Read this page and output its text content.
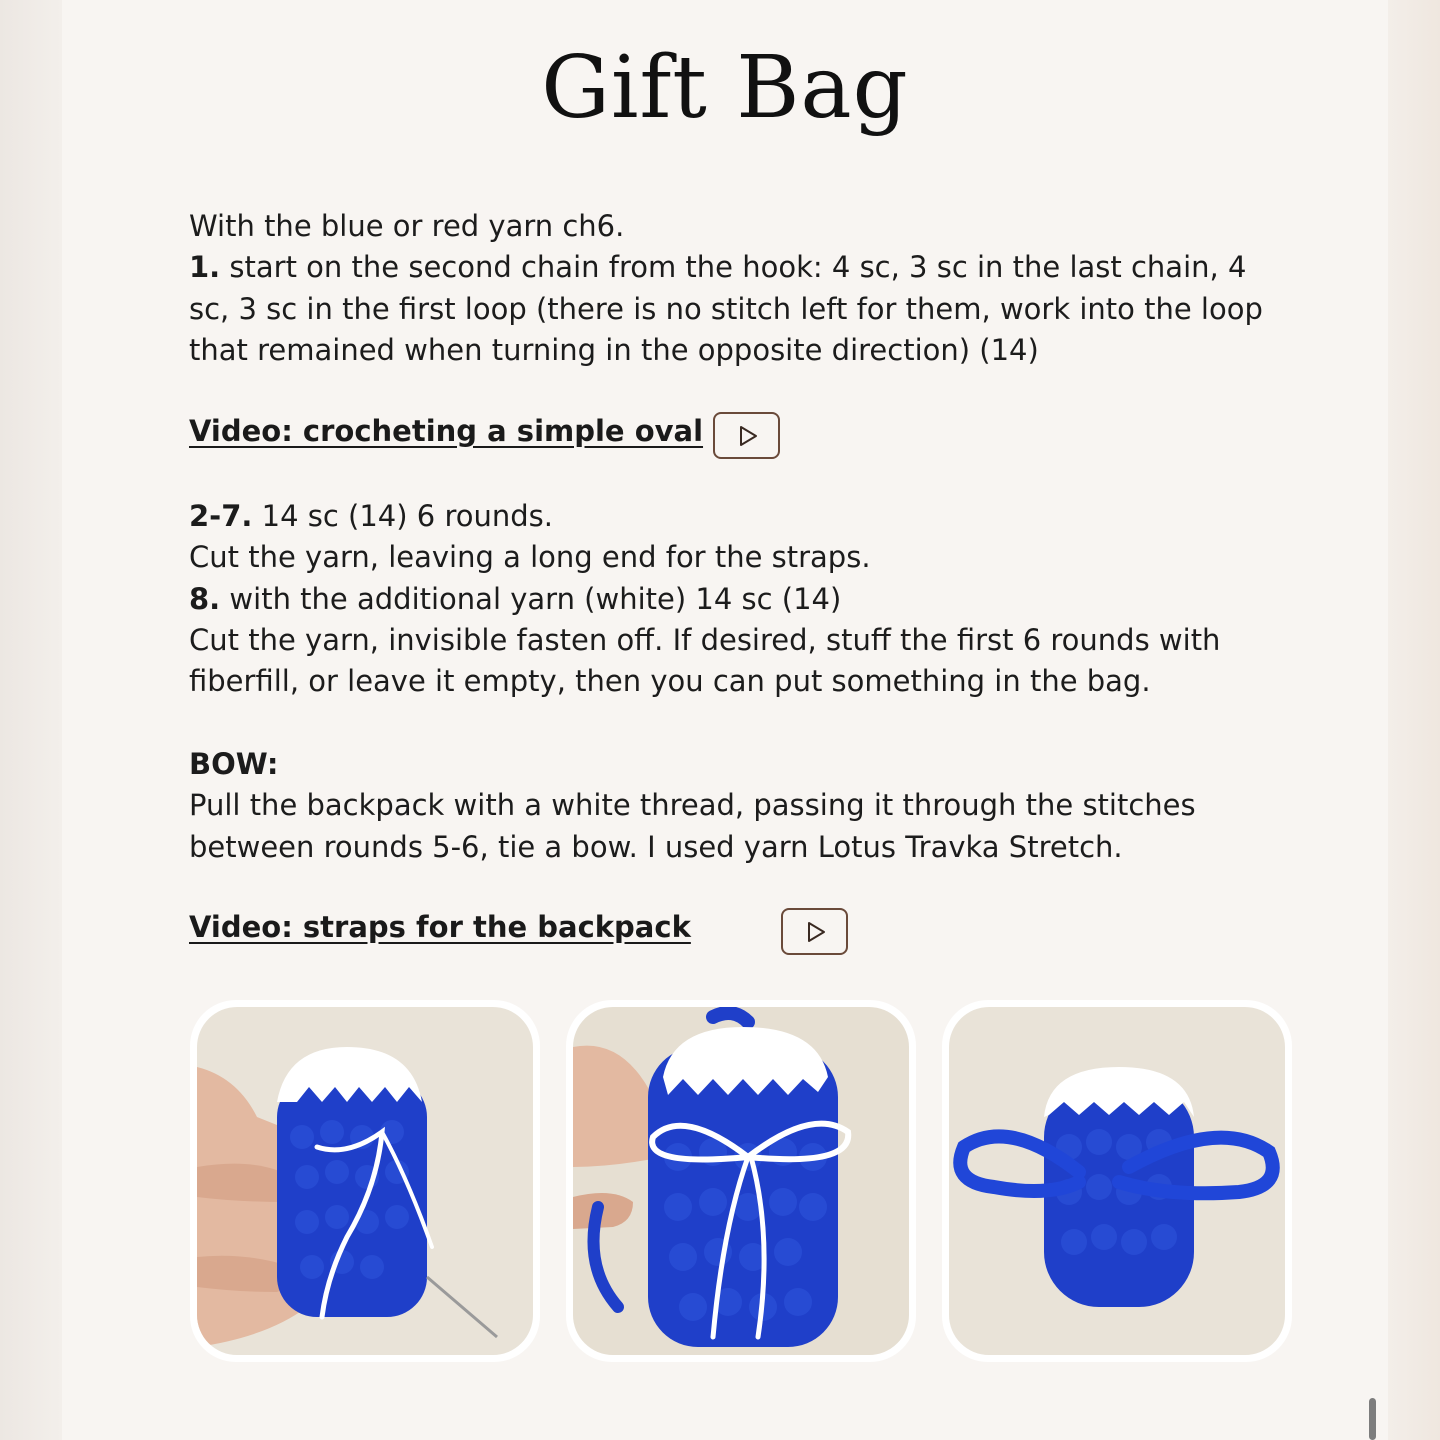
Gift Bag
With the blue or red yarn ch6.
1. start on the second chain from the hook: 4 sc, 3 sc in the last chain, 4 sc, 3 sc in the first loop (there is no stitch left for them, work into the loop that remained when turning in the opposite direction) (14)
Video: crocheting a simple oval
2-7. 14 sc (14) 6 rounds.
Cut the yarn, leaving a long end for the straps.
8. with the additional yarn (white) 14 sc (14)
Cut the yarn, invisible fasten off. If desired, stuff the first 6 rounds with fiberfill, or leave it empty, then you can put something in the bag.
BOW:
Pull the backpack with a white thread, passing it through the stitches between rounds 5-6, tie a bow. I used yarn Lotus Travka Stretch.
Video: straps for the backpack
